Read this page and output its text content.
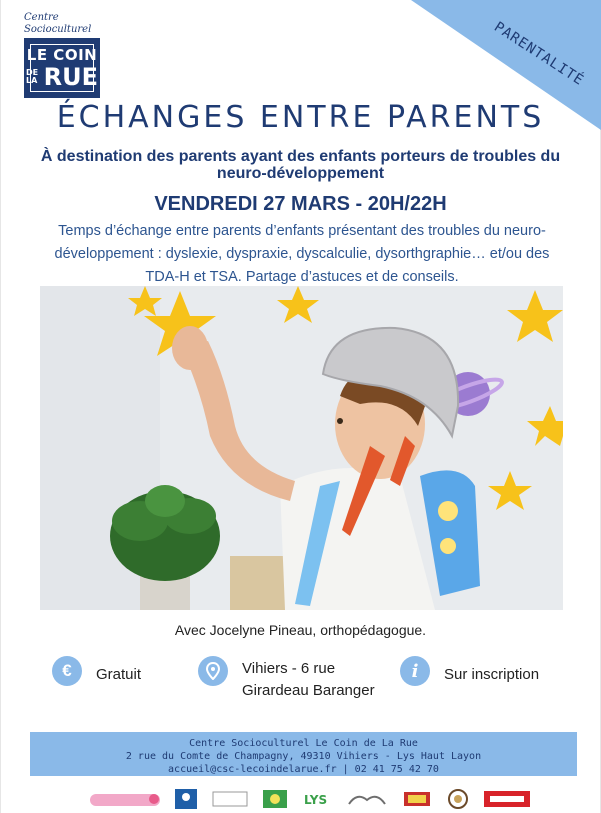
Centre Socioculturel
LE COIN
DE LA RUE	PARENTALITÉ
ÉCHANGES ENTRE PARENTS
À destination des parents ayant des enfants porteurs de troubles du neuro-développement
VENDREDI 27 MARS - 20H/22H

Temps d’échange entre parents d’enfants présentant des troubles du neuro-développement : dyslexie, dyspraxie, dyscalculie, dysorthgraphie… et/ou des TDA-H et TSA. Partage d’astuces et de conseils.

Avec Jocelyne Pineau, orthopédagogue.
€ Gratuit	Vihiers - 6 rue
Girardeau Baranger
i Sur inscription
Centre Socioculturel Le Coin de La Rue
2 rue du Comte de Champagny, 49310 Vihiers - Lys Haut Layon
accueil@csc-lecoindelarue.fr | 02 41 75 42 70
LYS
